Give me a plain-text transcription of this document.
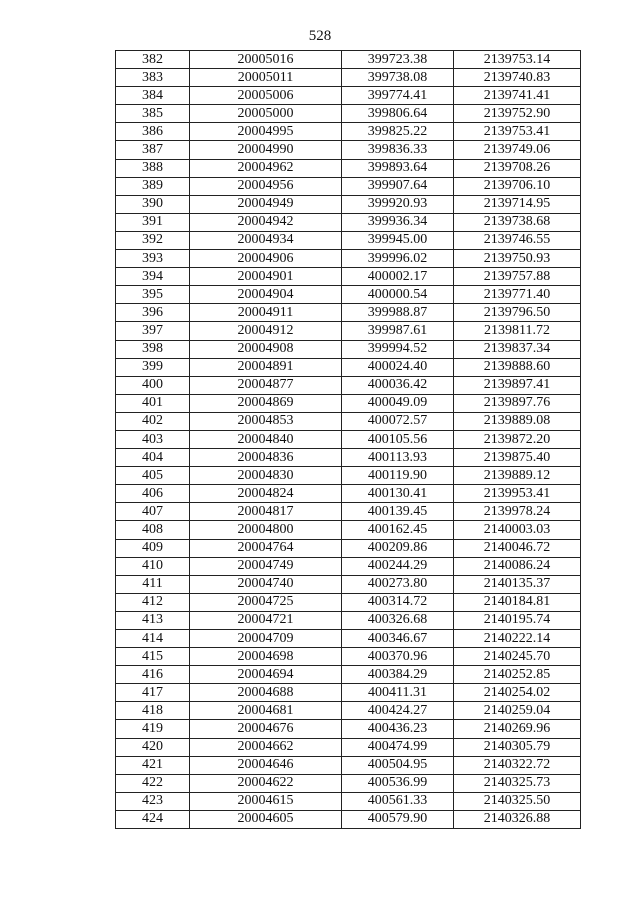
528
382	20005016	399723.38	2139753.14
383	20005011	399738.08	2139740.83
384	20005006	399774.41	2139741.41
385	20005000	399806.64	2139752.90
386	20004995	399825.22	2139753.41
387	20004990	399836.33	2139749.06
388	20004962	399893.64	2139708.26
389	20004956	399907.64	2139706.10
390	20004949	399920.93	2139714.95
391	20004942	399936.34	2139738.68
392	20004934	399945.00	2139746.55
393	20004906	399996.02	2139750.93
394	20004901	400002.17	2139757.88
395	20004904	400000.54	2139771.40
396	20004911	399988.87	2139796.50
397	20004912	399987.61	2139811.72
398	20004908	399994.52	2139837.34
399	20004891	400024.40	2139888.60
400	20004877	400036.42	2139897.41
401	20004869	400049.09	2139897.76
402	20004853	400072.57	2139889.08
403	20004840	400105.56	2139872.20
404	20004836	400113.93	2139875.40
405	20004830	400119.90	2139889.12
406	20004824	400130.41	2139953.41
407	20004817	400139.45	2139978.24
408	20004800	400162.45	2140003.03
409	20004764	400209.86	2140046.72
410	20004749	400244.29	2140086.24
411	20004740	400273.80	2140135.37
412	20004725	400314.72	2140184.81
413	20004721	400326.68	2140195.74
414	20004709	400346.67	2140222.14
415	20004698	400370.96	2140245.70
416	20004694	400384.29	2140252.85
417	20004688	400411.31	2140254.02
418	20004681	400424.27	2140259.04
419	20004676	400436.23	2140269.96
420	20004662	400474.99	2140305.79
421	20004646	400504.95	2140322.72
422	20004622	400536.99	2140325.73
423	20004615	400561.33	2140325.50
424	20004605	400579.90	2140326.88
